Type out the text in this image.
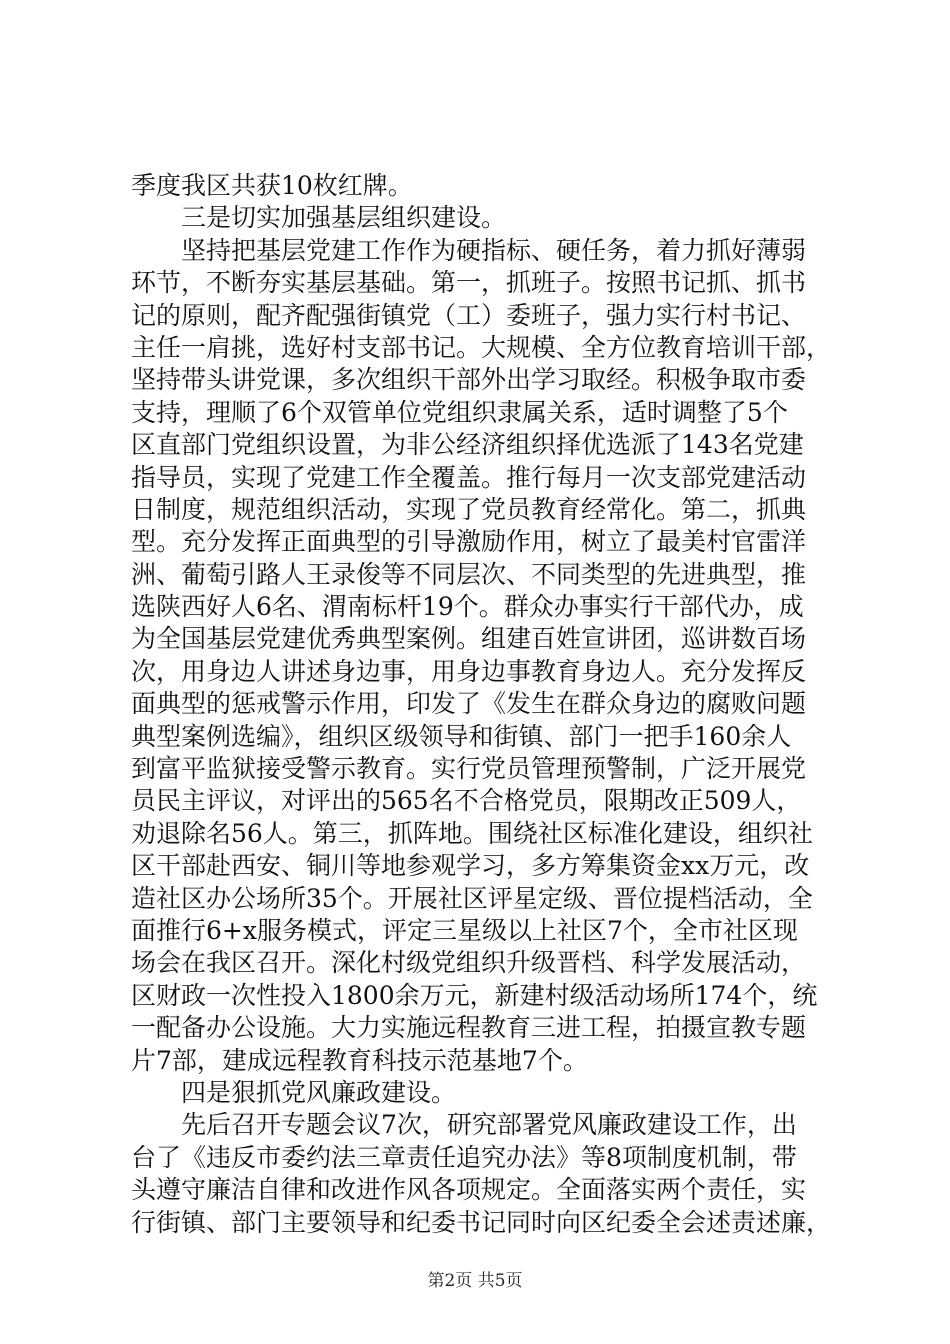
季度我区共获10枚红牌。
三是切实加强基层组织建设。
坚持把基层党建工作作为硬指标、硬任务，着力抓好薄弱
环节，不断夯实基层基础。第一，抓班子。按照书记抓、抓书
记的原则，配齐配强街镇党（工）委班子，强力实行村书记、
主任一肩挑，选好村支部书记。大规模、全方位教育培训干部，
坚持带头讲党课，多次组织干部外出学习取经。积极争取市委
支持，理顺了6个双管单位党组织隶属关系，适时调整了5个
区直部门党组织设置，为非公经济组织择优选派了143名党建
指导员，实现了党建工作全覆盖。推行每月一次支部党建活动
日制度，规范组织活动，实现了党员教育经常化。第二，抓典
型。充分发挥正面典型的引导激励作用，树立了最美村官雷洋
洲、葡萄引路人王录俊等不同层次、不同类型的先进典型，推
选陕西好人6名、渭南标杆19个。群众办事实行干部代办，成
为全国基层党建优秀典型案例。组建百姓宣讲团，巡讲数百场
次，用身边人讲述身边事，用身边事教育身边人。充分发挥反
面典型的惩戒警示作用，印发了《发生在群众身边的腐败问题
典型案例选编》，组织区级领导和街镇、部门一把手160余人
到富平监狱接受警示教育。实行党员管理预警制，广泛开展党
员民主评议，对评出的565名不合格党员，限期改正509人，
劝退除名56人。第三，抓阵地。围绕社区标准化建设，组织社
区干部赴西安、铜川等地参观学习，多方筹集资金xx万元，改
造社区办公场所35个。开展社区评星定级、晋位提档活动，全
面推行6+x服务模式，评定三星级以上社区7个，全市社区现
场会在我区召开。深化村级党组织升级晋档、科学发展活动，
区财政一次性投入1800余万元，新建村级活动场所174个，统
一配备办公设施。大力实施远程教育三进工程，拍摄宣教专题
片7部，建成远程教育科技示范基地7个。
四是狠抓党风廉政建设。
先后召开专题会议7次，研究部署党风廉政建设工作，出
台了《违反市委约法三章责任追究办法》等8项制度机制，带
头遵守廉洁自律和改进作风各项规定。全面落实两个责任，实
行街镇、部门主要领导和纪委书记同时向区纪委全会述责述廉，
第2页 共5页
